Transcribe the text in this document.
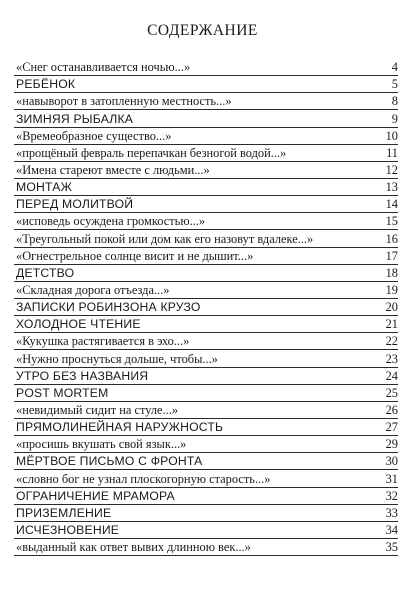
СОДЕРЖАНИЕ
«Снег останавливается ночью...»	4
РЕБЁНОК	5
«навыворот в затопленную местность...»	8
ЗИМНЯЯ РЫБАЛКА	9
«Времеобразное существо...»	10
«прощёный февраль перепачкан безногой водой...»	11
«Имена стареют вместе с людьми...»	12
МОНТАЖ	13
ПЕРЕД МОЛИТВОЙ	14
«исповедь осуждена громкостью...»	15
«Треугольный покой или дом как его назовут вдалеке...»	16
«Огнестрельное солнце висит и не дышит...»	17
ДЕТСТВО	18
«Складная дорога отъезда...»	19
ЗАПИСКИ РОБИНЗОНА КРУЗО	20
ХОЛОДНОЕ ЧТЕНИЕ	21
«Кукушка растягивается в эхо...»	22
«Нужно проснуться дольше, чтобы...»	23
УТРО БЕЗ НАЗВАНИЯ	24
POST MORTEM	25
«невидимый сидит на стуле...»	26
ПРЯМОЛИНЕЙНАЯ НАРУЖНОСТЬ	27
«просишь вкушать свой язык...»	29
МЁРТВОЕ ПИСЬМО С ФРОНТА	30
«словно бог не узнал плоскогорную старость...»	31
ОГРАНИЧЕНИЕ МРАМОРА	32
ПРИЗЕМЛЕНИЕ	33
ИСЧЕЗНОВЕНИЕ	34
«выданный как ответ вывих длинною век...»	35
